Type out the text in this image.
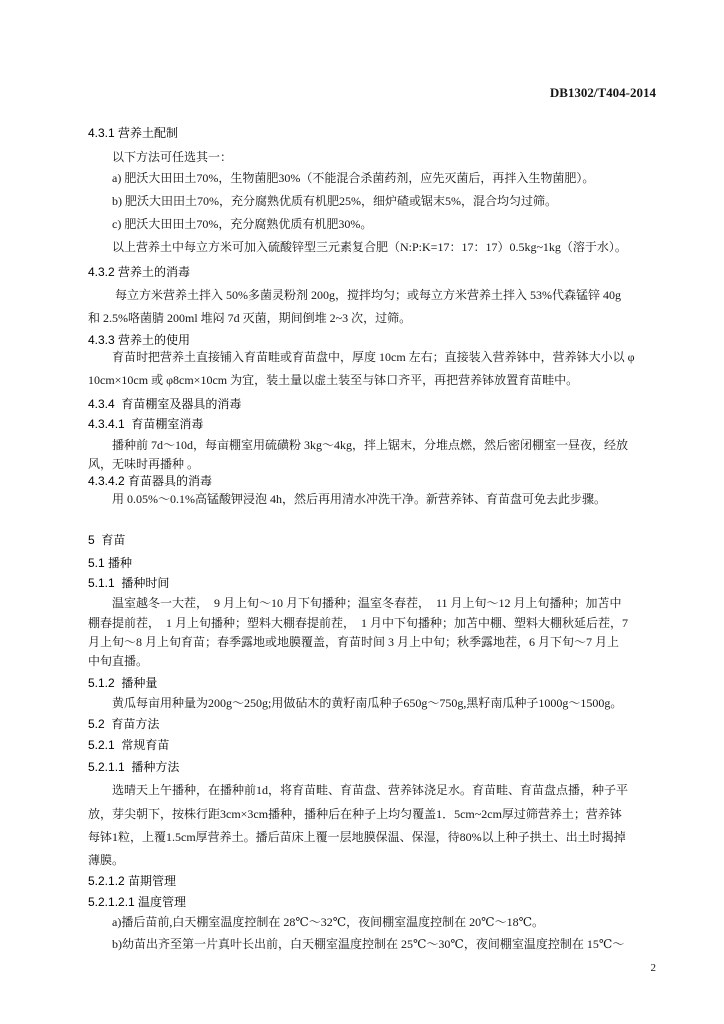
DB1302/T404-2014
4.3.1 营养土配制
以下方法可任选其一：
a) 肥沃大田田土70%，生物菌肥30%（不能混合杀菌药剂，应先灭菌后，再拌入生物菌肥）。
b) 肥沃大田田土70%，充分腐熟优质有机肥25%，细炉碴或锯末5%，混合均匀过筛。
c) 肥沃大田田土70%，充分腐熟优质有机肥30%。
以上营养土中每立方米可加入硫酸锌型三元素复合肥（N:P:K=17：17：17）0.5kg~1kg（溶于水）。
4.3.2 营养土的消毒
每立方米营养土拌入 50%多菌灵粉剂 200g，搅拌均匀；或每立方米营养土拌入 53%代森锰锌 40g
和 2.5%咯菌腈 200ml 堆闷 7d 灭菌，期间倒堆 2~3 次，过筛。
4.3.3 营养土的使用
育苗时把营养土直接铺入育苗畦或育苗盘中，厚度 10cm 左右；直接装入营养钵中，营养钵大小以 φ
10cm×10cm 或 φ8cm×10cm 为宜，装土量以虚土装至与钵口齐平，再把营养钵放置育苗畦中。
4.3.4  育苗棚室及器具的消毒
4.3.4.1  育苗棚室消毒
播种前 7d～10d，每亩棚室用硫磺粉 3kg～4kg，拌上锯末，分堆点燃，然后密闭棚室一昼夜，经放
风，无味时再播种 。
4.3.4.2 育苗器具的消毒
用 0.05%～0.1%高锰酸钾浸泡 4h，然后再用清水冲洗干净。新营养钵、育苗盘可免去此步骤。
5  育苗
5.1 播种
5.1.1  播种时间
温室越冬一大茬，  9 月上旬～10 月下旬播种；温室冬春茬，  11 月上旬～12 月上旬播种；加苫中
棚春提前茬，  1 月上旬播种；塑料大棚春提前茬，  1 月中下旬播种；加苫中棚、塑料大棚秋延后茬，7
月上旬～8 月上旬育苗；春季露地或地膜覆盖，育苗时间 3 月上中旬；秋季露地茬，6 月下旬～7 月上
中旬直播。
5.1.2  播种量
黄瓜每亩用种量为200g～250g;用做砧木的黄籽南瓜种子650g～750g,黑籽南瓜种子1000g～1500g。
5.2  育苗方法
5.2.1  常规育苗
5.2.1.1  播种方法
选晴天上午播种，在播种前1d，将育苗畦、育苗盘、营养钵浇足水。育苗畦、育苗盘点播，种子平
放，芽尖朝下，按株行距3cm×3cm播种，播种后在种子上均匀覆盖1．5cm~2cm厚过筛营养土；营养钵
每钵1粒，上覆1.5cm厚营养土。播后苗床上覆一层地膜保温、保湿，待80%以上种子拱土、出土时揭掉
薄膜。
5.2.1.2 苗期管理
5.2.1.2.1 温度管理
a)播后苗前,白天棚室温度控制在 28℃～32℃，夜间棚室温度控制在 20℃～18℃。
b)幼苗出齐至第一片真叶长出前，白天棚室温度控制在 25℃～30℃，夜间棚室温度控制在 15℃～
2
